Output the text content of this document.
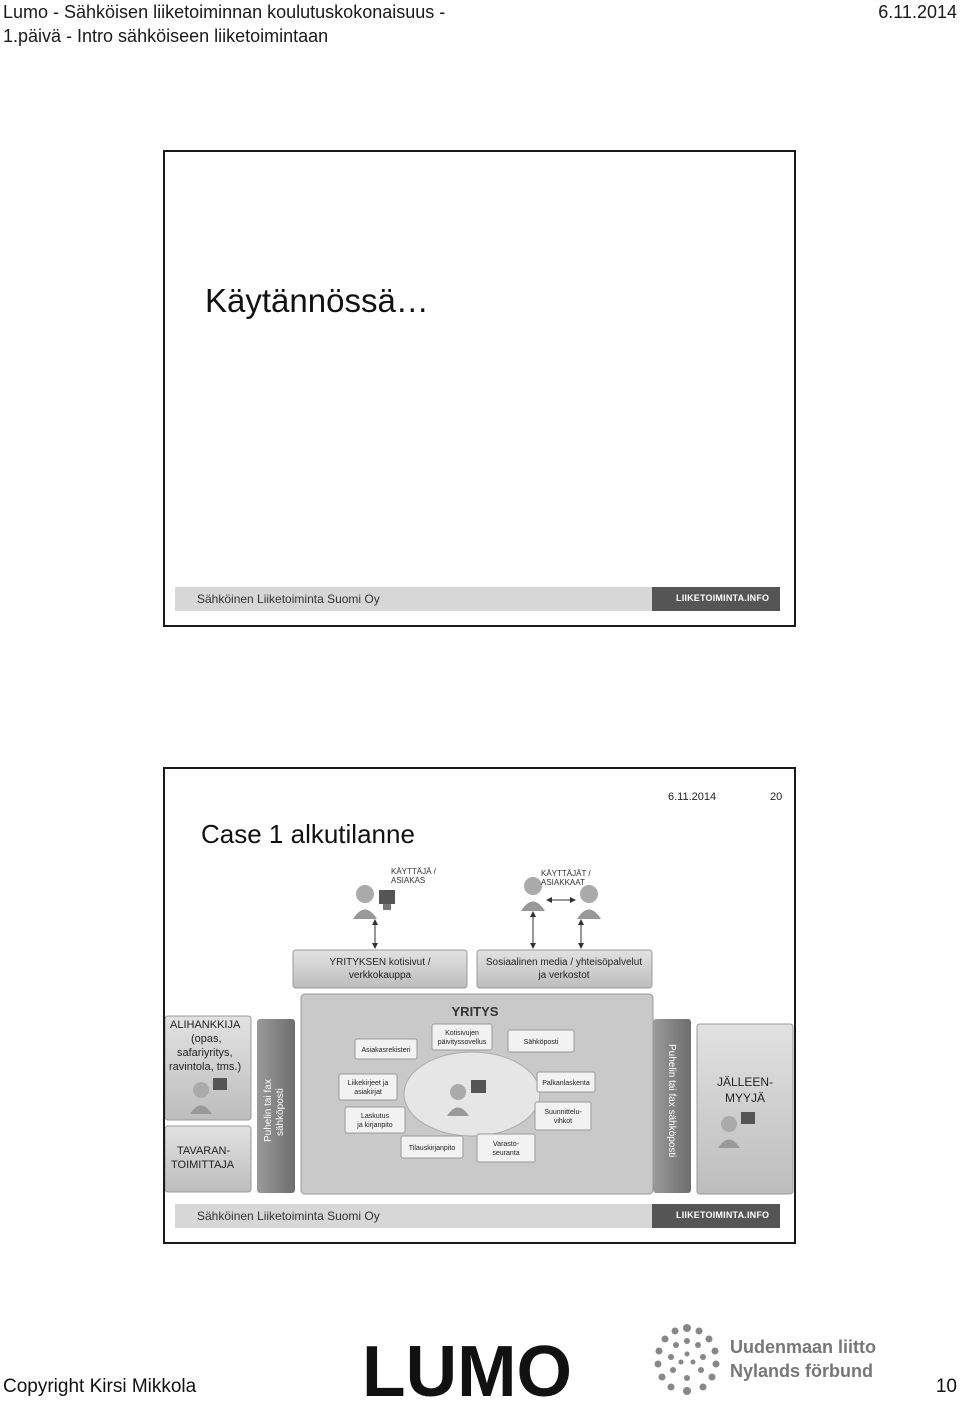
Lumo - Sähköisen liiketoiminnan koulutuskokonaisuus -
1.päivä - Intro sähköiseen liiketoimintaan
6.11.2014
Käytännössä…
Sähköinen Liiketoiminta Suomi Oy	LIIKETOIMINTA.INFO
6.11.2014	20
Case 1 alkutilanne
KÄYTTÄJÄ /
ASIAKAS
KÄYTTÄJÄT /
ASIAKKAAT
YRITYKSEN kotisivut /
verkkokauppa
Sosiaalinen media / yhteisöpalvelut
ja verkostot
YRITYS
Asiakasrekisteri
Kotisivujen
päivityssovellus	Sähköposti
Liikekirjeet ja
asiakirjat
Palkanlaskenta
Laskutus
ja kirjanpito
Suunnittelu-
vihkot
Tilauskirjanpito
Varasto-
seuranta
ALIHANKKIJA
(opas,
safariyritys,
ravintola, tms.)
TAVARAN-
TOIMITTAJA
Puhelin tai fax sähköposti	Puhelin tai fax sähköposti	JÄLLEEN-
MYYJÄ
Sähköinen Liiketoiminta Suomi Oy	LIIKETOIMINTA.INFO
LUMO	Uudenmaan liitto
Nylands förbund
Copyright Kirsi Mikkola	10
